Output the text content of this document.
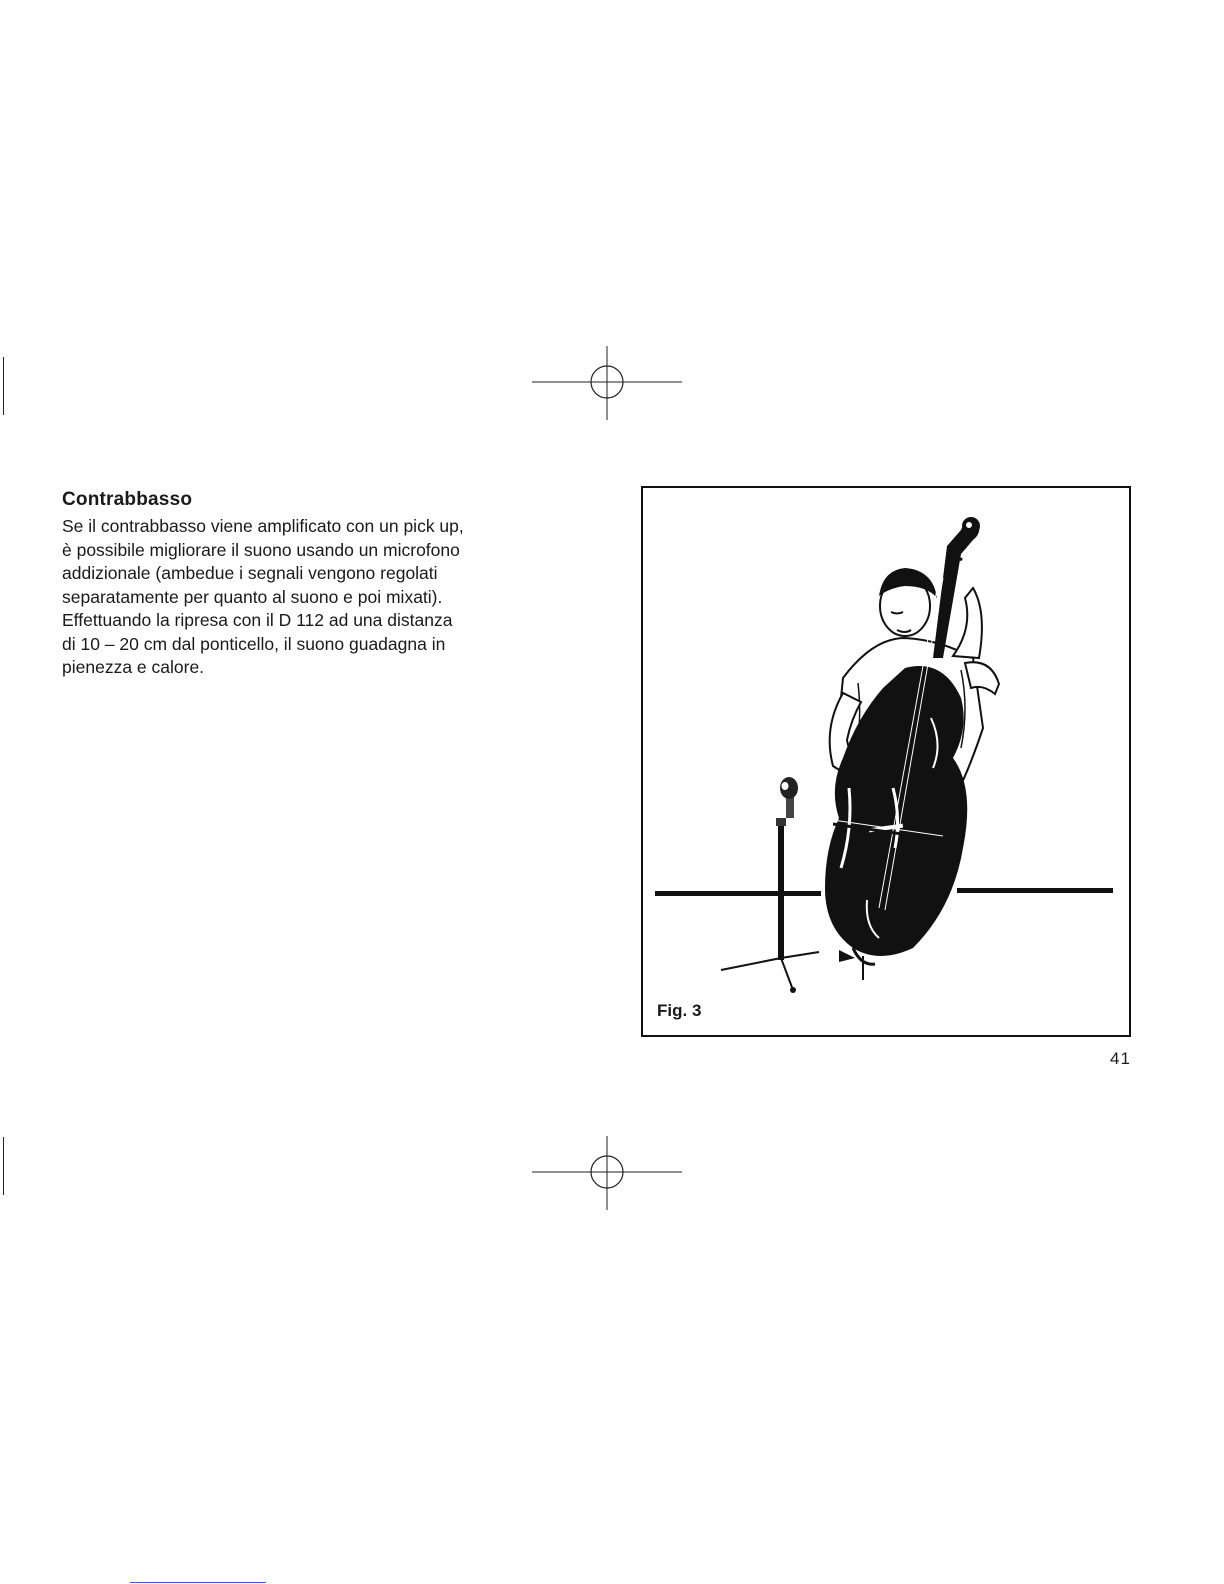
Contrabbasso

Se il contrabbasso viene amplificato con un pick up,
è possibile migliorare il suono usando un microfono
addizionale (ambedue i segnali vengono regolati
separatamente per quanto al suono e poi mixati).
Effettuando la ripresa con il D 112 ad una distanza
di 10 – 20 cm dal ponticello, il suono guadagna in
pienezza e calore.

Fig. 3
41
